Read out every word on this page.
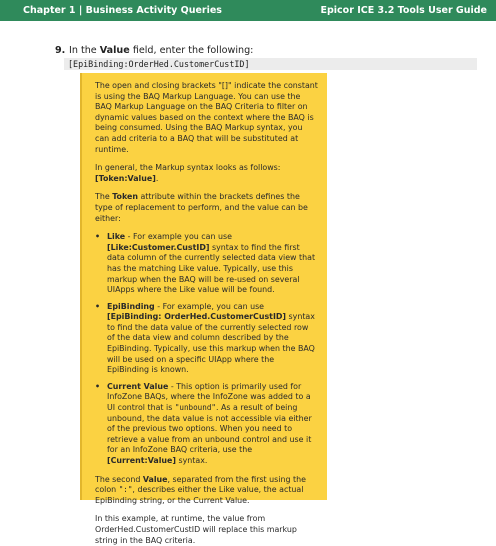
Chapter 1 | Business Activity Queries	Epicor ICE 3.2 Tools User Guide
9. In the Value field, enter the following:
[EpiBinding:OrderHed.CustomerCustID]

The open and closing brackets "[]" indicate the constant is using the BAQ Markup Language. You can use the BAQ Markup Language on the BAQ Criteria to filter on dynamic values based on the context where the BAQ is being consumed. Using the BAQ Markup syntax, you can add criteria to a BAQ that will be substituted at runtime.

In general, the Markup syntax looks as follows: [Token:Value].

The Token attribute within the brackets defines the type of replacement to perform, and the value can be either:

• Like - For example you can use [Like:Customer.CustID] syntax to find the first data column of the currently selected data view that has the matching Like value. Typically, use this markup when the BAQ will be re-used on several UIApps where the Like value will be found.
• EpiBinding - For example, you can use [EpiBinding: OrderHed.CustomerCustID] syntax to find the data value of the currently selected row of the data view and column described by the EpiBinding. Typically, use this markup when the BAQ will be used on a specific UIApp where the EpiBinding is known.
• Current Value - This option is primarily used for InfoZone BAQs, where the InfoZone was added to a UI control that is "unbound". As a result of being unbound, the data value is not accessible via either of the previous two options. When you need to retrieve a value from an unbound control and use it for an InfoZone BAQ criteria, use the [Current:Value] syntax.

The second Value, separated from the first using the colon ":", describes either the Like value, the actual EpiBinding string, or the Current Value.

In this example, at runtime, the value from OrderHed.CustomerCustID will replace this markup string in the BAQ criteria.
